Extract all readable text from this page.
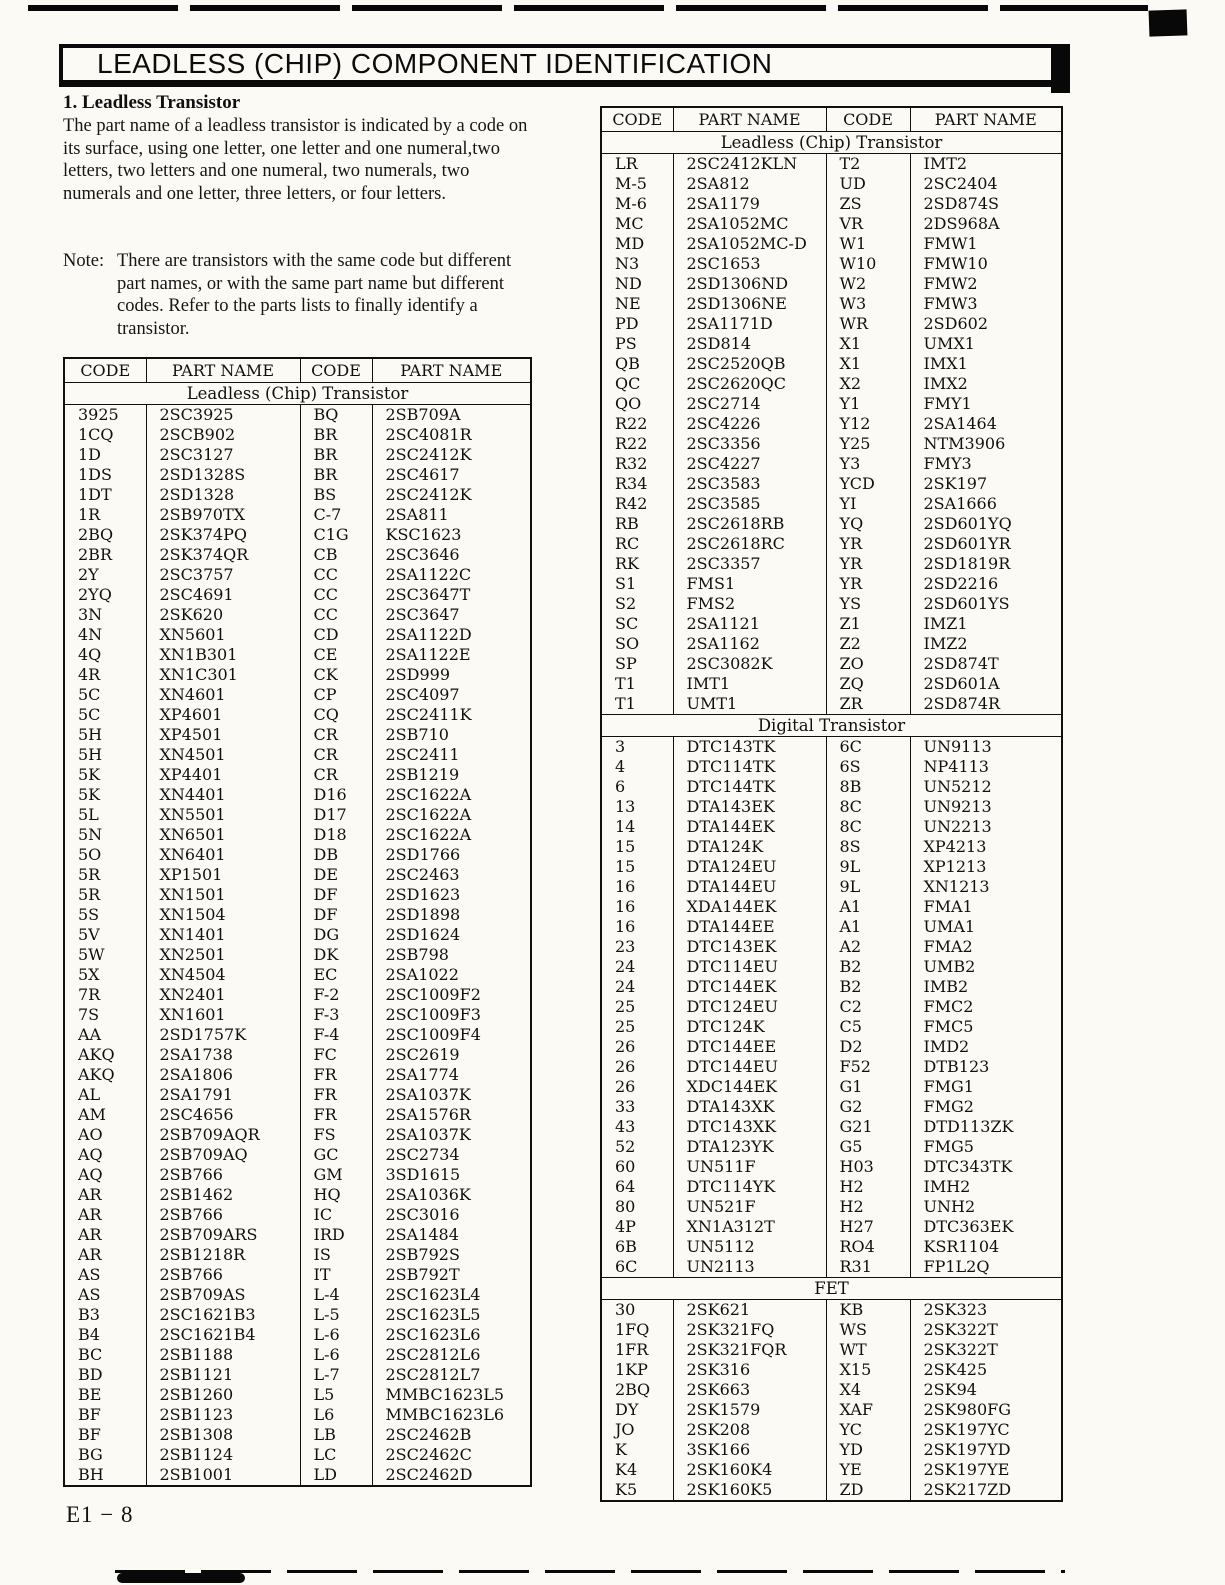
LEADLESS (CHIP) COMPONENT IDENTIFICATION
1. Leadless Transistor

The part name of a leadless transistor is indicated by a code on its surface, using one letter, one letter and one numeral,two letters, two letters and one numeral, two numerals, two numerals and one letter, three letters, or four letters.

Note: There are transistors with the same code but different part names, or with the same part name but different codes. Refer to the parts lists to finally identify a transistor.
CODE	PART NAME	CODE	PART NAME
Leadless (Chip) Transistor			
3925	2SC3925	BQ	2SB709A
1CQ	2SCB902	BR	2SC4081R
1D	2SC3127	BR	2SC2412K
1DS	2SD1328S	BR	2SC4617
1DT	2SD1328	BS	2SC2412K
1R	2SB970TX	C-7	2SA811
2BQ	2SK374PQ	C1G	KSC1623
2BR	2SK374QR	CB	2SC3646
2Y	2SC3757	CC	2SA1122C
2YQ	2SC4691	CC	2SC3647T
3N	2SK620	CC	2SC3647
4N	XN5601	CD	2SA1122D
4Q	XN1B301	CE	2SA1122E
4R	XN1C301	CK	2SD999
5C	XN4601	CP	2SC4097
5C	XP4601	CQ	2SC2411K
5H	XP4501	CR	2SB710
5H	XN4501	CR	2SC2411
5K	XP4401	CR	2SB1219
5K	XN4401	D16	2SC1622A
5L	XN5501	D17	2SC1622A
5N	XN6501	D18	2SC1622A
5O	XN6401	DB	2SD1766
5R	XP1501	DE	2SC2463
5R	XN1501	DF	2SD1623
5S	XN1504	DF	2SD1898
5V	XN1401	DG	2SD1624
5W	XN2501	DK	2SB798
5X	XN4504	EC	2SA1022
7R	XN2401	F-2	2SC1009F2
7S	XN1601	F-3	2SC1009F3
AA	2SD1757K	F-4	2SC1009F4
AKQ	2SA1738	FC	2SC2619
AKQ	2SA1806	FR	2SA1774
AL	2SA1791	FR	2SA1037K
AM	2SC4656	FR	2SA1576R
AO	2SB709AQR	FS	2SA1037K
AQ	2SB709AQ	GC	2SC2734
AQ	2SB766	GM	3SD1615
AR	2SB1462	HQ	2SA1036K
AR	2SB766	IC	2SC3016
AR	2SB709ARS	IRD	2SA1484
AR	2SB1218R	IS	2SB792S
AS	2SB766	IT	2SB792T
AS	2SB709AS	L-4	2SC1623L4
B3	2SC1621B3	L-5	2SC1623L5
B4	2SC1621B4	L-6	2SC1623L6
BC	2SB1188	L-6	2SC2812L6
BD	2SB1121	L-7	2SC2812L7
BE	2SB1260	L5	MMBC1623L5
BF	2SB1123	L6	MMBC1623L6
BF	2SB1308	LB	2SC2462B
BG	2SB1124	LC	2SC2462C
BH	2SB1001	LD	2SC2462D
CODE	PART NAME	CODE	PART NAME
Leadless (Chip) Transistor			
LR	2SC2412KLN	T2	IMT2
M-5	2SA812	UD	2SC2404
M-6	2SA1179	ZS	2SD874S
MC	2SA1052MC	VR	2DS968A
MD	2SA1052MC-D	W1	FMW1
N3	2SC1653	W10	FMW10
ND	2SD1306ND	W2	FMW2
NE	2SD1306NE	W3	FMW3
PD	2SA1171D	WR	2SD602
PS	2SD814	X1	UMX1
QB	2SC2520QB	X1	IMX1
QC	2SC2620QC	X2	IMX2
QO	2SC2714	Y1	FMY1
R22	2SC4226	Y12	2SA1464
R22	2SC3356	Y25	NTM3906
R32	2SC4227	Y3	FMY3
R34	2SC3583	YCD	2SK197
R42	2SC3585	YI	2SA1666
RB	2SC2618RB	YQ	2SD601YQ
RC	2SC2618RC	YR	2SD601YR
RK	2SC3357	YR	2SD1819R
S1	FMS1	YR	2SD2216
S2	FMS2	YS	2SD601YS
SC	2SA1121	Z1	IMZ1
SO	2SA1162	Z2	IMZ2
SP	2SC3082K	ZO	2SD874T
T1	IMT1	ZQ	2SD601A
T1	UMT1	ZR	2SD874R
Digital Transistor			
3	DTC143TK	6C	UN9113
4	DTC114TK	6S	NP4113
6	DTC144TK	8B	UN5212
13	DTA143EK	8C	UN9213
14	DTA144EK	8C	UN2213
15	DTA124K	8S	XP4213
15	DTA124EU	9L	XP1213
16	DTA144EU	9L	XN1213
16	XDA144EK	A1	FMA1
16	DTA144EE	A1	UMA1
23	DTC143EK	A2	FMA2
24	DTC114EU	B2	UMB2
24	DTC144EK	B2	IMB2
25	DTC124EU	C2	FMC2
25	DTC124K	C5	FMC5
26	DTC144EE	D2	IMD2
26	DTC144EU	F52	DTB123
26	XDC144EK	G1	FMG1
33	DTA143XK	G2	FMG2
43	DTC143XK	G21	DTD113ZK
52	DTA123YK	G5	FMG5
60	UN511F	H03	DTC343TK
64	DTC114YK	H2	IMH2
80	UN521F	H2	UNH2
4P	XN1A312T	H27	DTC363EK
6B	UN5112	RO4	KSR1104
6C	UN2113	R31	FP1L2Q
FET			
30	2SK621	KB	2SK323
1FQ	2SK321FQ	WS	2SK322T
1FR	2SK321FQR	WT	2SK322T
1KP	2SK316	X15	2SK425
2BQ	2SK663	X4	2SK94
DY	2SK1579	XAF	2SK980FG
JO	2SK208	YC	2SK197YC
K	3SK166	YD	2SK197YD
K4	2SK160K4	YE	2SK197YE
K5	2SK160K5	ZD	2SK217ZD
E1 − 8
